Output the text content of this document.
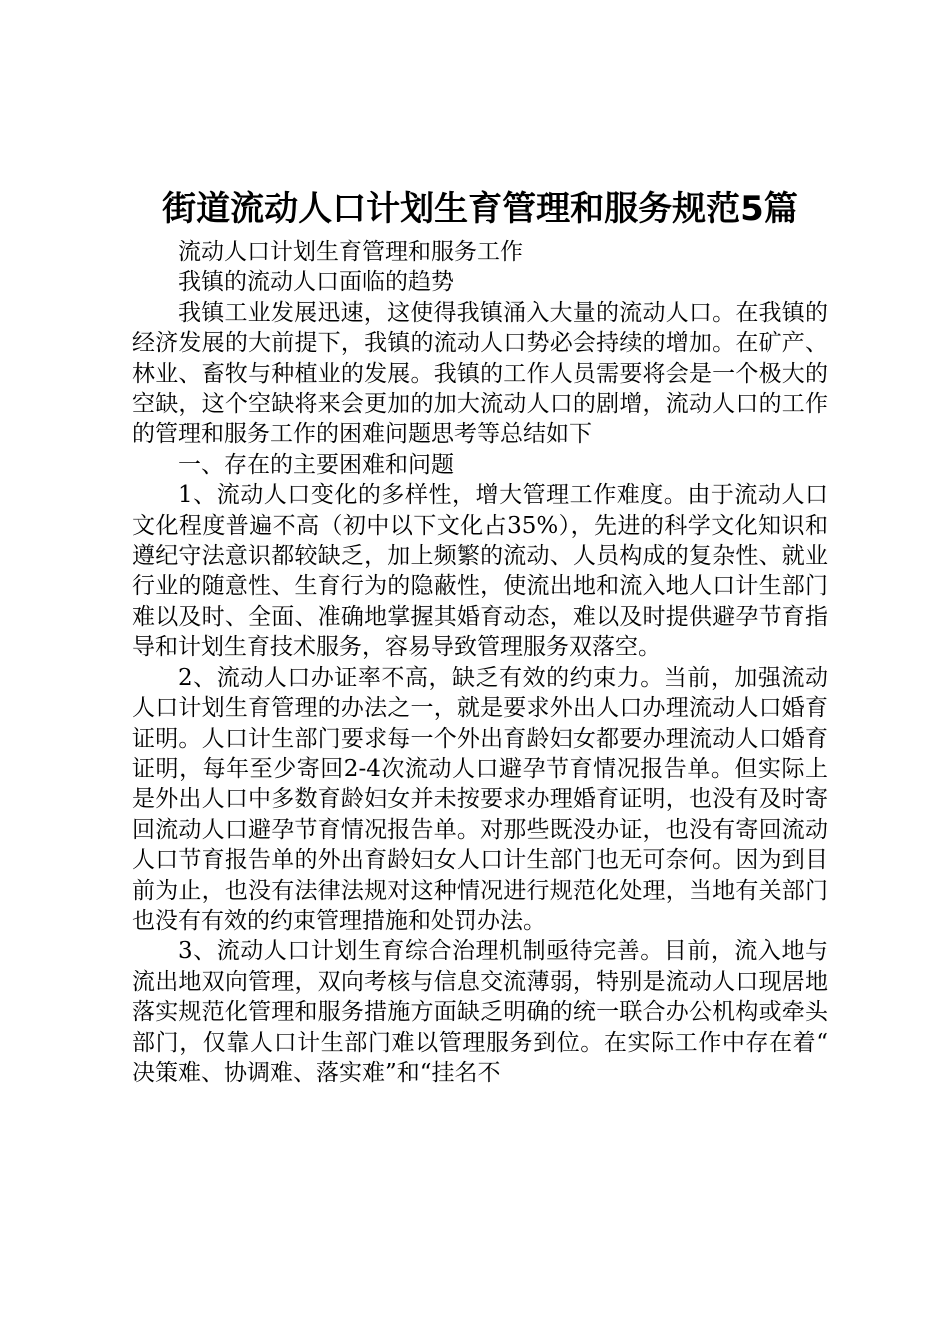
街道流动人口计划生育管理和服务规范5篇

流动人口计划生育管理和服务工作

我镇的流动人口面临的趋势

我镇工业发展迅速，这使得我镇涌入大量的流动人口。在我镇的经济发展的大前提下，我镇的流动人口势必会持续的增加。在矿产、林业、畜牧与种植业的发展。我镇的工作人员需要将会是一个极大的空缺，这个空缺将来会更加的加大流动人口的剧增，流动人口的工作的管理和服务工作的困难问题思考等总结如下

一、存在的主要困难和问题

1、流动人口变化的多样性，增大管理工作难度。由于流动人口文化程度普遍不高（初中以下文化占35%），先进的科学文化知识和遵纪守法意识都较缺乏，加上频繁的流动、人员构成的复杂性、就业行业的随意性、生育行为的隐蔽性，使流出地和流入地人口计生部门难以及时、全面、准确地掌握其婚育动态，难以及时提供避孕节育指导和计划生育技术服务，容易导致管理服务双落空。

2、流动人口办证率不高，缺乏有效的约束力。当前，加强流动人口计划生育管理的办法之一，就是要求外出人口办理流动人口婚育证明。人口计生部门要求每一个外出育龄妇女都要办理流动人口婚育证明，每年至少寄回2-4次流动人口避孕节育情况报告单。但实际上是外出人口中多数育龄妇女并未按要求办理婚育证明，也没有及时寄回流动人口避孕节育情况报告单。对那些既没办证，也没有寄回流动人口节育报告单的外出育龄妇女人口计生部门也无可奈何。因为到目前为止，也没有法律法规对这种情况进行规范化处理，当地有关部门也没有有效的约束管理措施和处罚办法。

3、流动人口计划生育综合治理机制亟待完善。目前，流入地与流出地双向管理，双向考核与信息交流薄弱，特别是流动人口现居地落实规范化管理和服务措施方面缺乏明确的统一联合办公机构或牵头部门，仅靠人口计生部门难以管理服务到位。在实际工作中存在着“决策难、协调难、落实难”和“挂名不
